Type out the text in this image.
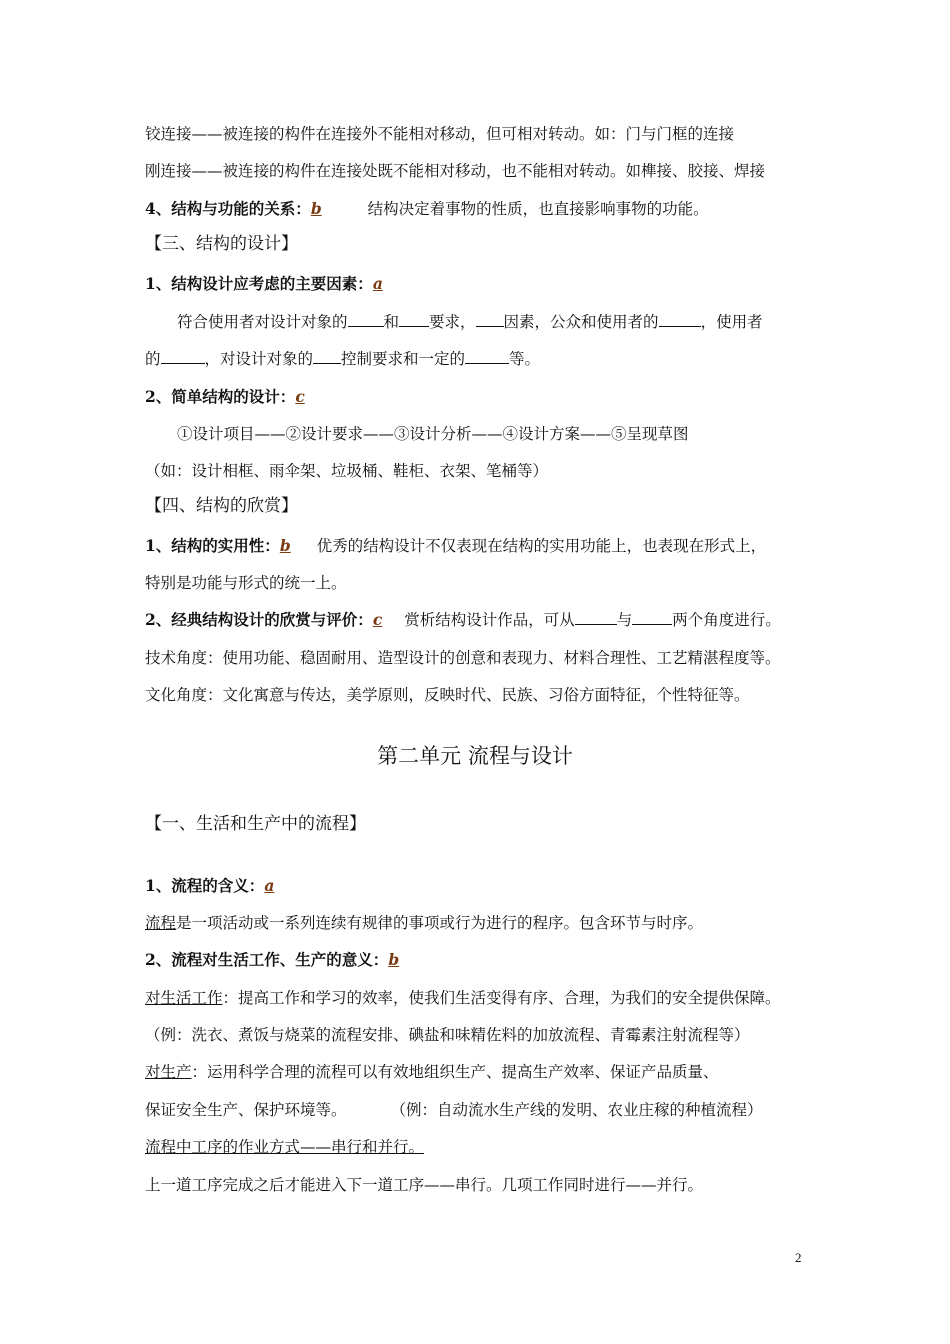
铰连接——被连接的构件在连接外不能相对移动，但可相对转动。如：门与门框的连接
刚连接——被连接的构件在连接处既不能相对移动，也不能相对转动。如榫接、胶接、焊接
4、结构与功能的关系：b	结构决定着事物的性质，也直接影响事物的功能。
【三、结构的设计】
1、结构设计应考虑的主要因素：a
符合使用者对设计对象的 和 要求， 因素，公众和使用者的	，使用者
的	，对设计对象的 控制要求和一定的	等。
2、简单结构的设计：c
①设计项目——②设计要求——③设计分析——④设计方案——⑤呈现草图
（如：设计相框、雨伞架、垃圾桶、鞋柜、衣架、笔桶等）
【四、结构的欣赏】
1、结构的实用性：b 优秀的结构设计不仅表现在结构的实用功能上，也表现在形式上，
特别是功能与形式的统一上。
2、经典结构设计的欣赏与评价：c 赏析结构设计作品，可从	与	两个角度进行。
技术角度：使用功能、稳固耐用、造型设计的创意和表现力、材料合理性、工艺精湛程度等。
文化角度：文化寓意与传达，美学原则，反映时代、民族、习俗方面特征，个性特征等。
第二单元 流程与设计
【一、生活和生产中的流程】
1、流程的含义：a
流程是一项活动或一系列连续有规律的事项或行为进行的程序。包含环节与时序。
2、流程对生活工作、生产的意义：b
对生活工作：提高工作和学习的效率，使我们生活变得有序、合理，为我们的安全提供保障。
（例：洗衣、煮饭与烧菜的流程安排、碘盐和味精佐料的加放流程、青霉素注射流程等）
对生产：运用科学合理的流程可以有效地组织生产、提高生产效率、保证产品质量、
保证安全生产、保护环境等。	（例：自动流水生产线的发明、农业庄稼的种植流程）
流程中工序的作业方式——串行和并行。
上一道工序完成之后才能进入下一道工序——串行。几项工作同时进行——并行。
2
